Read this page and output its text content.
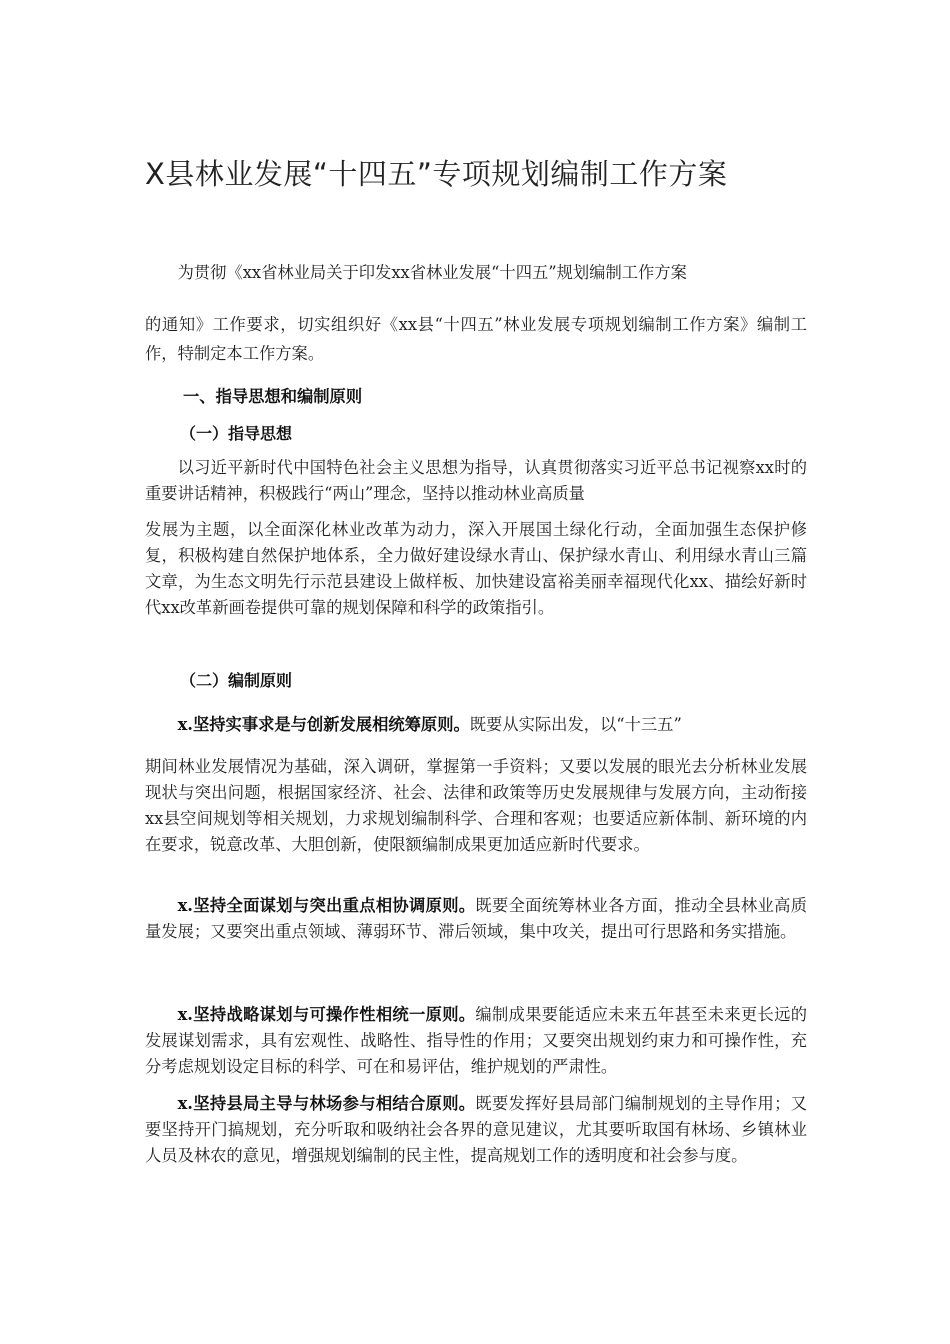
X县林业发展“十四五”专项规划编制工作方案
为贯彻《xx省林业局关于印发xx省林业发展“十四五”规划编制工作方案
的通知》工作要求，切实组织好《xx县“十四五”林业发展专项规划编制工作方案》编制工作，特制定本工作方案。
一、指导思想和编制原则
（一）指导思想
以习近平新时代中国特色社会主义思想为指导，认真贯彻落实习近平总书记视察xx时的重要讲话精神，积极践行“两山”理念，坚持以推动林业高质量
发展为主题，以全面深化林业改革为动力，深入开展国土绿化行动，全面加强生态保护修复，积极构建自然保护地体系，全力做好建设绿水青山、保护绿水青山、利用绿水青山三篇文章，为生态文明先行示范县建设上做样板、加快建设富裕美丽幸福现代化xx、描绘好新时代xx改革新画卷提供可靠的规划保障和科学的政策指引。
（二）编制原则
x.坚持实事求是与创新发展相统筹原则。既要从实际出发，以“十三五”
期间林业发展情况为基础，深入调研，掌握第一手资料；又要以发展的眼光去分析林业发展现状与突出问题，根据国家经济、社会、法律和政策等历史发展规律与发展方向，主动衔接xx县空间规划等相关规划，力求规划编制科学、合理和客观；也要适应新体制、新环境的内在要求，锐意改革、大胆创新，使限额编制成果更加适应新时代要求。
x.坚持全面谋划与突出重点相协调原则。既要全面统筹林业各方面，推动全县林业高质量发展；又要突出重点领域、薄弱环节、滞后领域，集中攻关，提出可行思路和务实措施。
x.坚持战略谋划与可操作性相统一原则。编制成果要能适应未来五年甚至未来更长远的发展谋划需求，具有宏观性、战略性、指导性的作用；又要突出规划约束力和可操作性，充分考虑规划设定目标的科学、可在和易评估，维护规划的严肃性。
x.坚持县局主导与林场参与相结合原则。既要发挥好县局部门编制规划的主导作用；又要坚持开门搞规划，充分听取和吸纳社会各界的意见建议，尤其要听取国有林场、乡镇林业人员及林农的意见，增强规划编制的民主性，提高规划工作的透明度和社会参与度。
